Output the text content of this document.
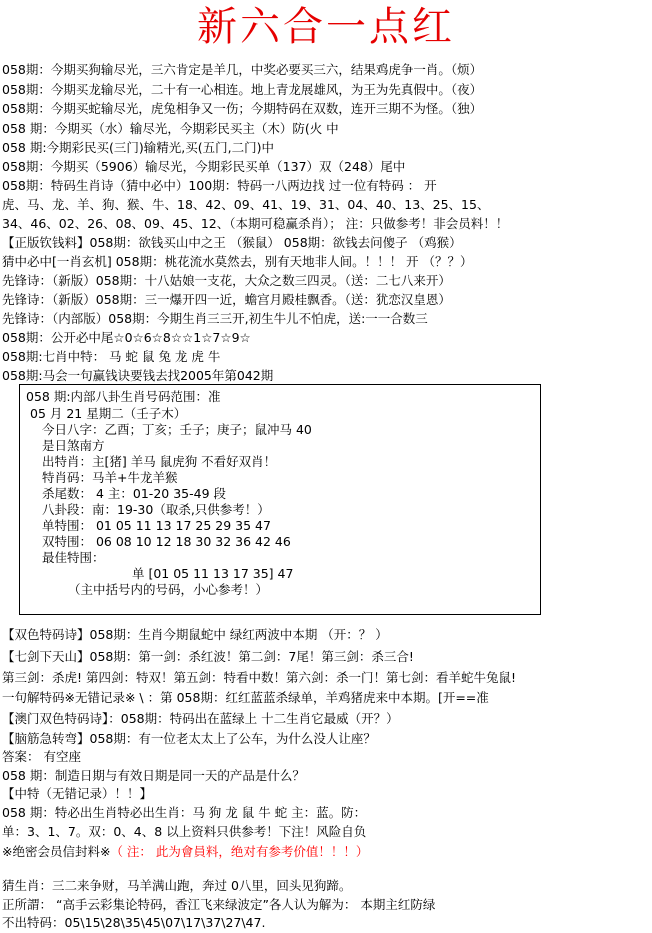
新六合一点红
058期：今期买狗输尽光，三六肯定是羊几，中奖必要买三六，结果鸡虎争一肖。（烦）
058期：今期买龙输尽光，二十有一心相连。地上青龙展雄风，为王为先真假中。（夜）
058期：今期买蛇输尽光，虎兔相争又一伤；今期特码在双数，连开三期不为怪。（独）
058 期：今期买（水）输尽光，今期彩民买主（木）防(火 中
058 期:今期彩民买(三门)输精光,买(五门,二门)中
058期：今期买（5906）输尽光，今期彩民买单（137）双（248）尾中
058期：特码生肖诗（猜中必中）100期：特码一八两边找 过一位有特码 ： 开
虎、马、龙、羊、狗、猴、牛、18、42、09、41、19、31、04、40、13、25、15、
34、46、02、26、08、09、45、12、（本期可稳赢杀肖）； 注：只做参考！非会员料！！
【正版钦钱料】058期：欲钱买山中之王 （猴鼠） 058期：欲钱去问傻子 （鸡猴）
猜中必中[一肖玄机] 058期：桃花流水莫然去，别有天地非人间。！！！ 开 （？？）
先锋诗：（新版）058期：十八姑娘一支花，大众之数三四灵。（送：二七八来开）
先锋诗：（新版）058期：三一爆开四一近，蟾宫月殿桂飘香。（送：犹恋汉皇恩）
先锋诗：（内部版）058期：今期生肖三三开,初生牛儿不怕虎，送:一一合数三
058期：公开必中尾☆0☆6☆8☆☆1☆7☆9☆
058期:七肖中特： 马 蛇 鼠 兔 龙 虎 牛
058期:马会一句赢钱诀要钱去找2005年第042期
058 期:内部八卦生肖号码范围：准
05 月 21 星期二（壬子木）
今日八字：乙酉；丁亥；壬子；庚子；鼠冲马 40
是日煞南方
出特肖：主[猪] 羊马 鼠虎狗 不看好双肖！
特肖码：马羊+牛龙羊猴
杀尾数： 4 主：01-20 35-49 段
八卦段：南：19-30（取杀,只供参考！）
单特围： 01 05 11 13 17 25 29 35 47
双特围： 06 08 10 12 18 30 32 36 42 46
最佳特围：
单 [01 05 11 13 17 35] 47
（主中括号内的号码，小心参考！）
【双色特码诗】058期：生肖今期鼠蛇中 绿红两波中本期 （开：？ ）
【七剑下天山】058期：第一剑：杀红波！第二剑：7尾！第三剑：杀三合!
第三剑：杀虎! 第四剑：特双！第五剑：特看中数！第六剑：杀一门！第七剑：看羊蛇牛兔鼠!
一句解特码※无错记录※ \ ：第 058期：红红蓝蓝杀绿单，羊鸡猪虎来中本期。[开==准
【澳门双色特码诗】：058期：特码出在蓝绿上 十二生肖它最威（开？）
【脑筋急转弯】058期：有一位老太太上了公车，为什么没人让座？
答案： 有空座
058 期：制造日期与有效日期是同一天的产品是什么？
【中特（无错记录）！！】
058 期：特必出生肖特必出生肖：马 狗 龙 鼠 牛 蛇 主：蓝。防：
单：3、1、7。双：0、4、8 以上资料只供参考！下注！风险自负
※绝密会员信封料※（ 注： 此为會員料，绝对有参考价值！！！）
猜生肖：三二来争财，马羊满山跑，奔过 0八里，回头见狗蹄。
正所謂： “高手云彩集论特码，香江飞来绿波定”各人认为解为： 本期主红防绿
不出特码：05\15\28\35\45\07\17\37\27\47.
